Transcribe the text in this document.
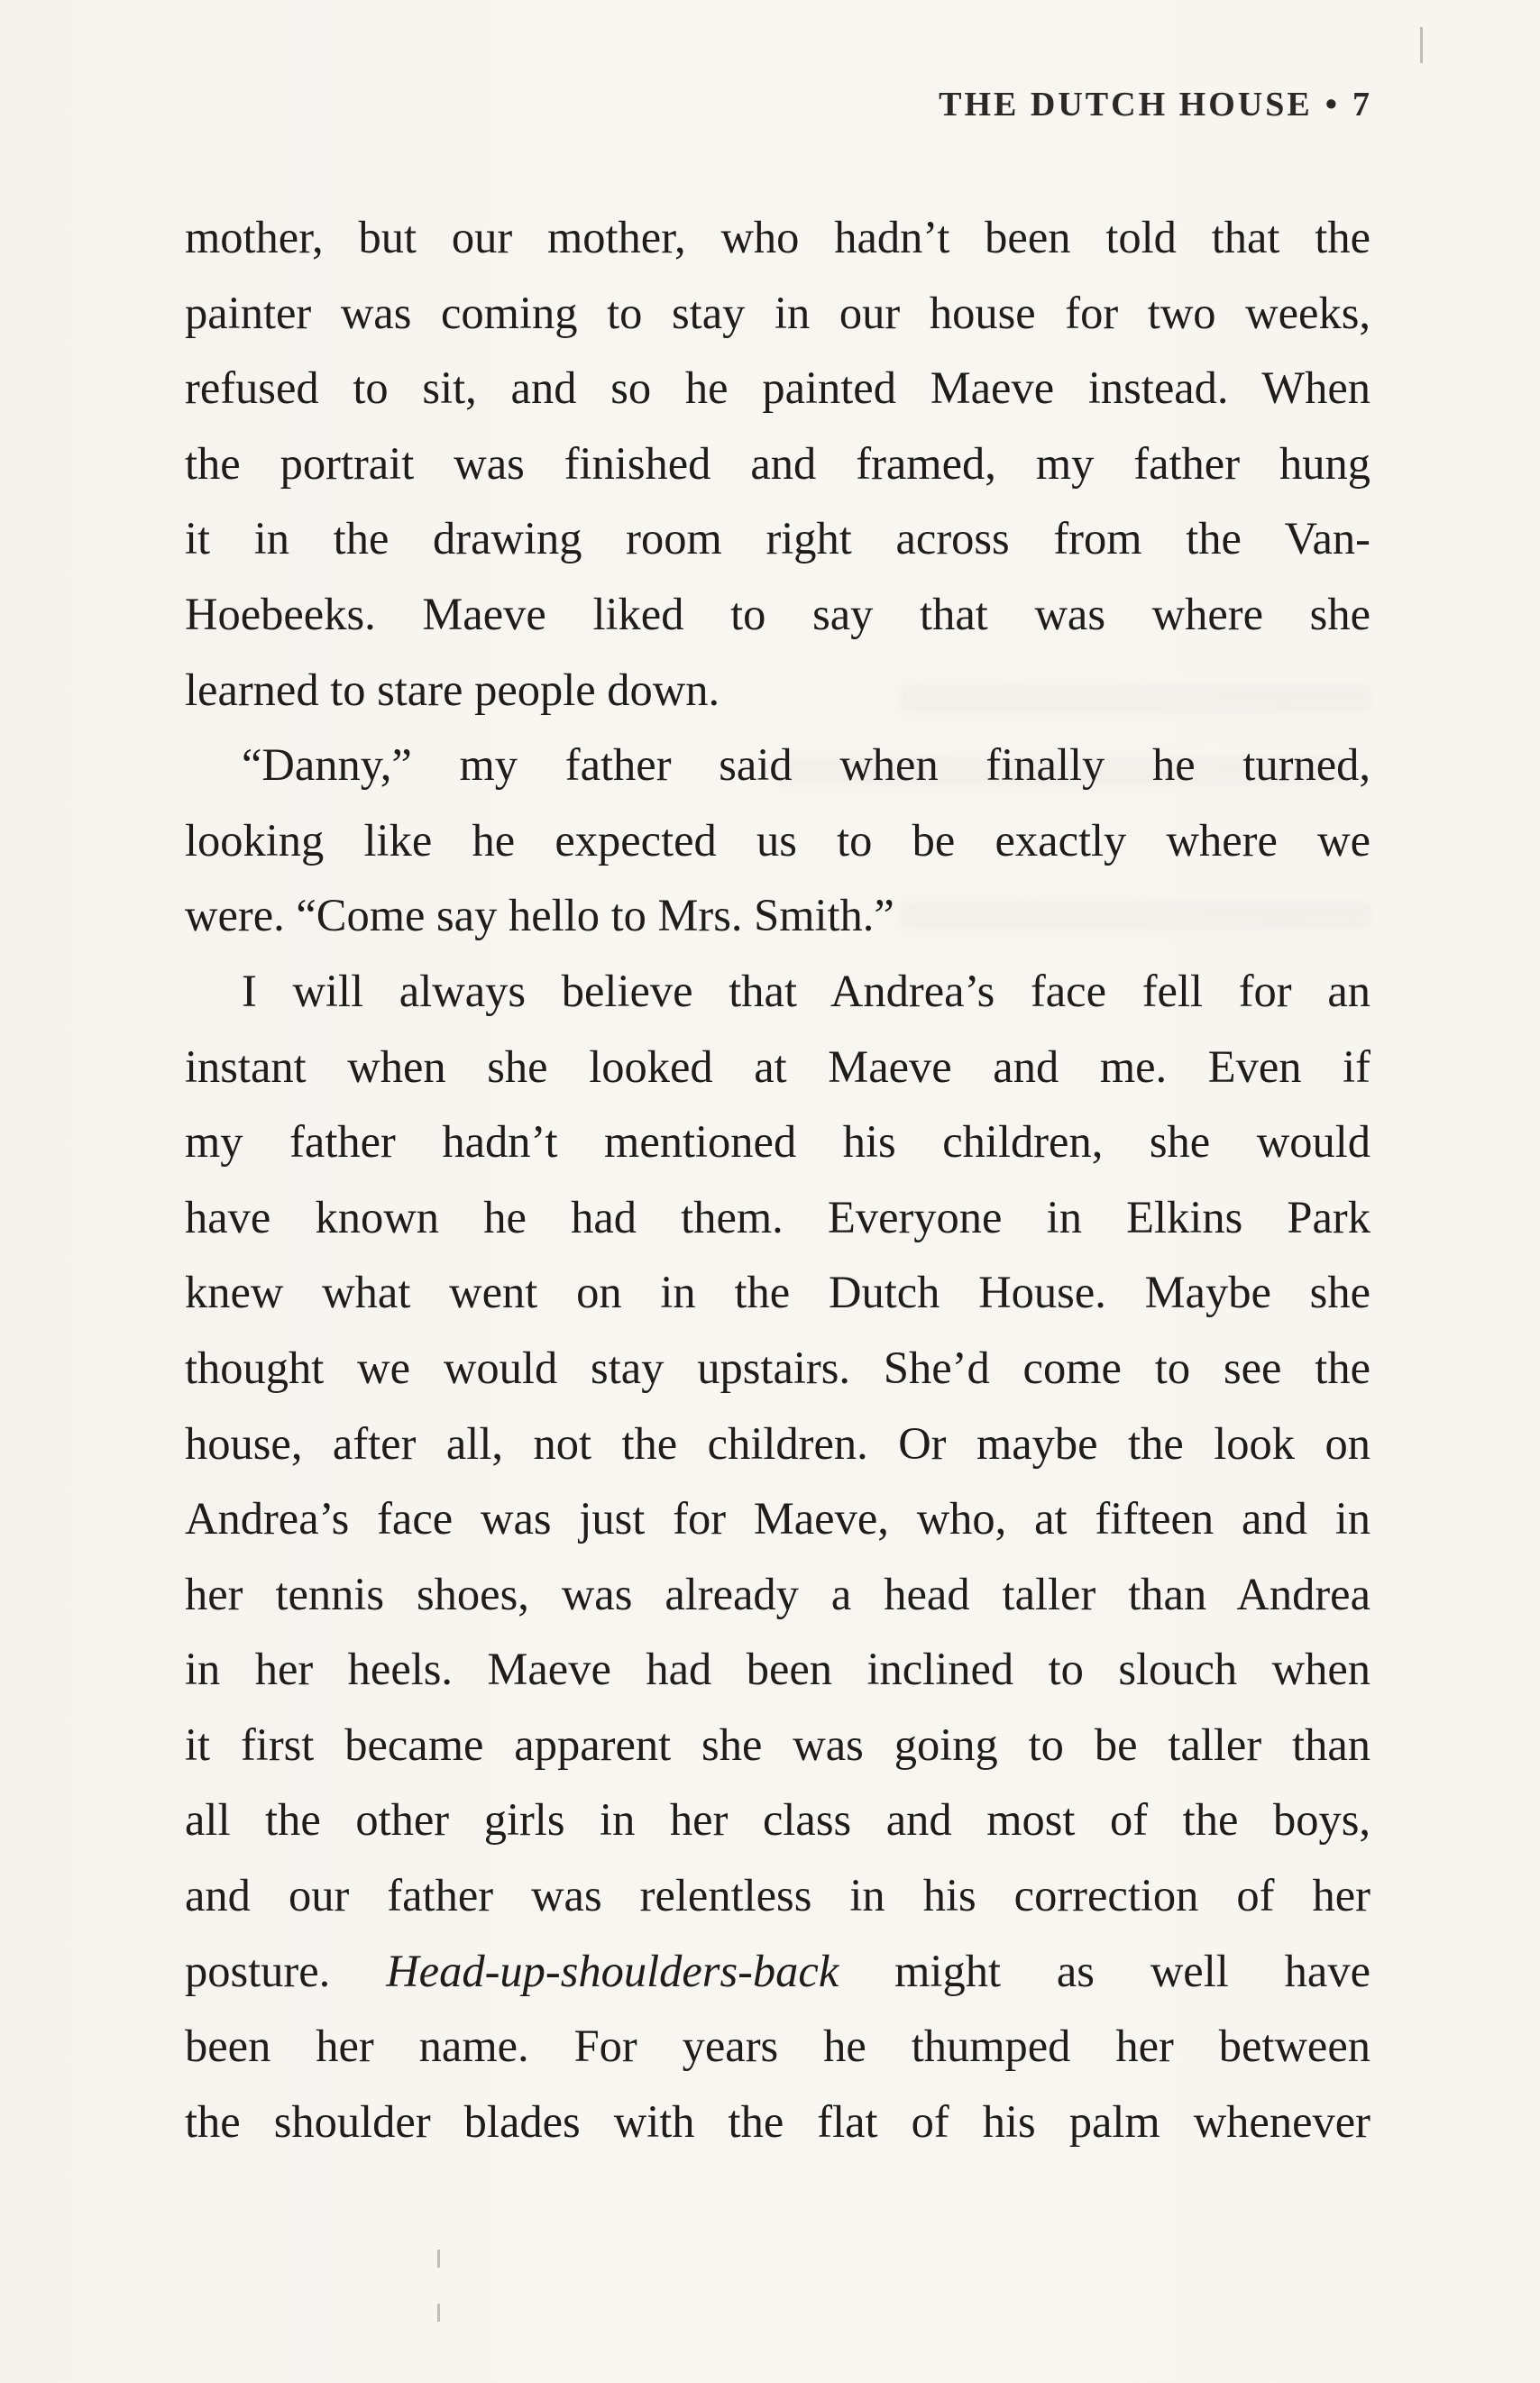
THE DUTCH HOUSE • 7
mother, but our mother, who hadn’t been told that the
painter was coming to stay in our house for two weeks,
refused to sit, and so he painted Maeve instead. When
the portrait was finished and framed, my father hung
it in the drawing room right across from the Van-
Hoebeeks. Maeve liked to say that was where she
learned to stare people down.
“Danny,” my father said when finally he turned,
looking like he expected us to be exactly where we
were. “Come say hello to Mrs. Smith.”
I will always believe that Andrea’s face fell for an
instant when she looked at Maeve and me. Even if
my father hadn’t mentioned his children, she would
have known he had them. Everyone in Elkins Park
knew what went on in the Dutch House. Maybe she
thought we would stay upstairs. She’d come to see the
house, after all, not the children. Or maybe the look on
Andrea’s face was just for Maeve, who, at fifteen and in
her tennis shoes, was already a head taller than Andrea
in her heels. Maeve had been inclined to slouch when
it first became apparent she was going to be taller than
all the other girls in her class and most of the boys,
and our father was relentless in his correction of her
posture. Head-up-shoulders-back might as well have
been her name. For years he thumped her between
the shoulder blades with the flat of his palm whenever
